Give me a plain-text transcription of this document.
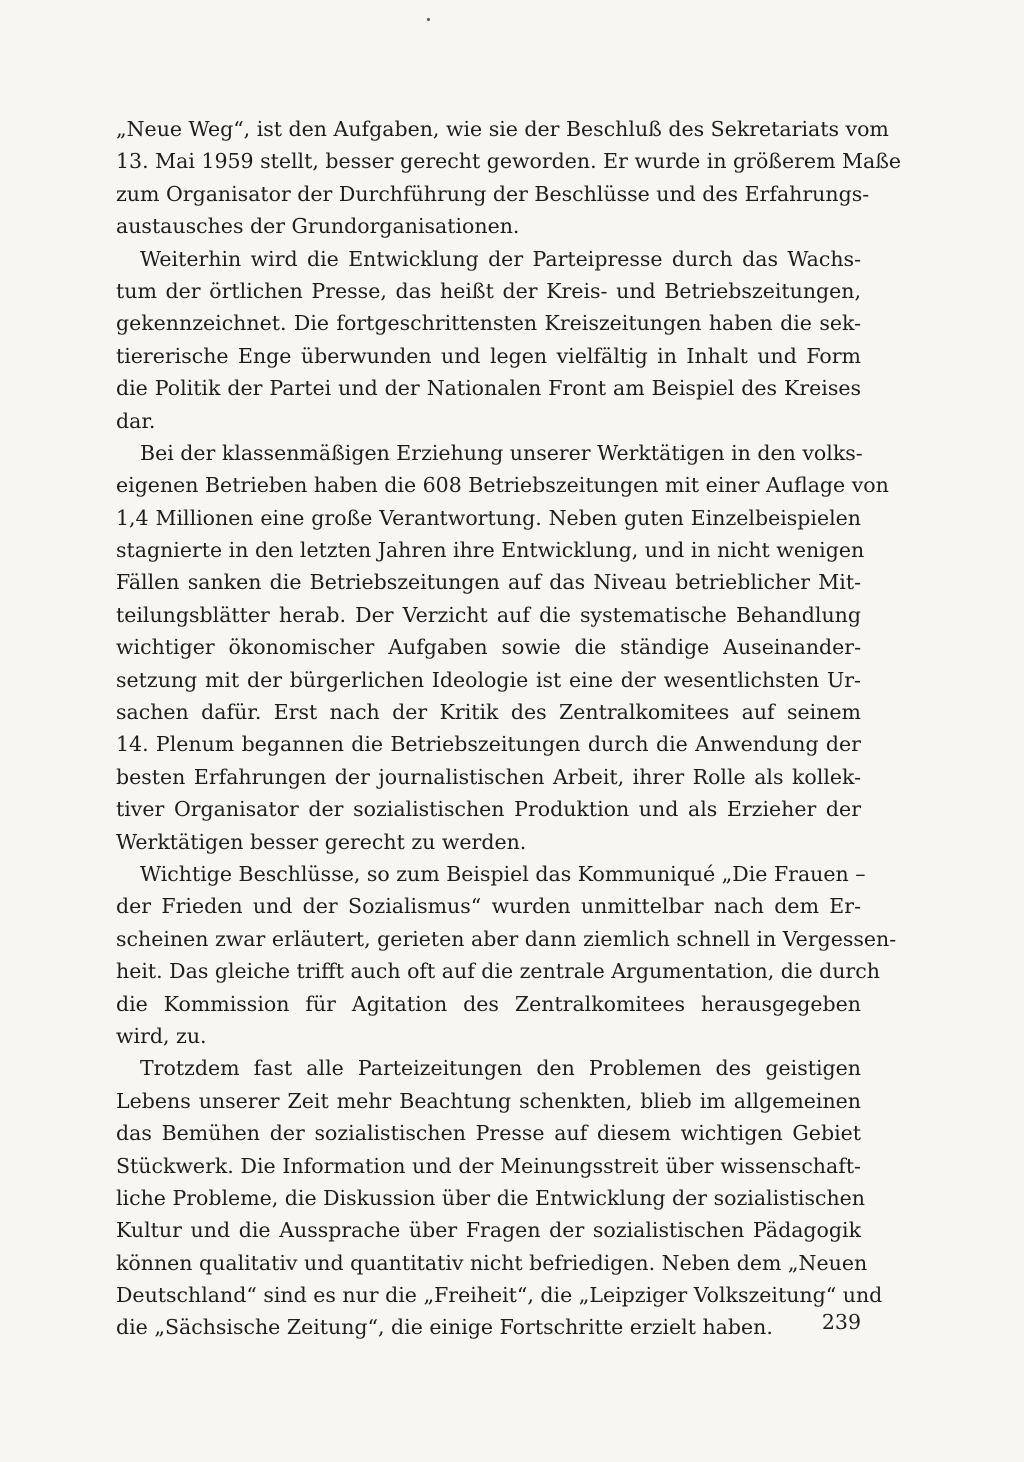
„Neue Weg“, ist den Aufgaben, wie sie der Beschluß des Sekretariats vom
13. Mai 1959 stellt, besser gerecht geworden. Er wurde in größerem Maße
zum Organisator der Durchführung der Beschlüsse und des Erfahrungs-
austausches der Grundorganisationen.
Weiterhin wird die Entwicklung der Parteipresse durch das Wachs-
tum der örtlichen Presse, das heißt der Kreis- und Betriebszeitungen,
gekennzeichnet. Die fortgeschrittensten Kreiszeitungen haben die sek-
tiererische Enge überwunden und legen vielfältig in Inhalt und Form
die Politik der Partei und der Nationalen Front am Beispiel des Kreises
dar.
Bei der klassenmäßigen Erziehung unserer Werktätigen in den volks-
eigenen Betrieben haben die 608 Betriebszeitungen mit einer Auflage von
1,4 Millionen eine große Verantwortung. Neben guten Einzelbeispielen
stagnierte in den letzten Jahren ihre Entwicklung, und in nicht wenigen
Fällen sanken die Betriebszeitungen auf das Niveau betrieblicher Mit-
teilungsblätter herab. Der Verzicht auf die systematische Behandlung
wichtiger ökonomischer Aufgaben sowie die ständige Auseinander-
setzung mit der bürgerlichen Ideologie ist eine der wesentlichsten Ur-
sachen dafür. Erst nach der Kritik des Zentralkomitees auf seinem
14. Plenum begannen die Betriebszeitungen durch die Anwendung der
besten Erfahrungen der journalistischen Arbeit, ihrer Rolle als kollek-
tiver Organisator der sozialistischen Produktion und als Erzieher der
Werktätigen besser gerecht zu werden.
Wichtige Beschlüsse, so zum Beispiel das Kommuniqué „Die Frauen –
der Frieden und der Sozialismus“ wurden unmittelbar nach dem Er-
scheinen zwar erläutert, gerieten aber dann ziemlich schnell in Vergessen-
heit. Das gleiche trifft auch oft auf die zentrale Argumentation, die durch
die Kommission für Agitation des Zentralkomitees herausgegeben
wird, zu.
Trotzdem fast alle Parteizeitungen den Problemen des geistigen
Lebens unserer Zeit mehr Beachtung schenkten, blieb im allgemeinen
das Bemühen der sozialistischen Presse auf diesem wichtigen Gebiet
Stückwerk. Die Information und der Meinungsstreit über wissenschaft-
liche Probleme, die Diskussion über die Entwicklung der sozialistischen
Kultur und die Aussprache über Fragen der sozialistischen Pädagogik
können qualitativ und quantitativ nicht befriedigen. Neben dem „Neuen
Deutschland“ sind es nur die „Freiheit“, die „Leipziger Volkszeitung“ und
die „Sächsische Zeitung“, die einige Fortschritte erzielt haben.	239
